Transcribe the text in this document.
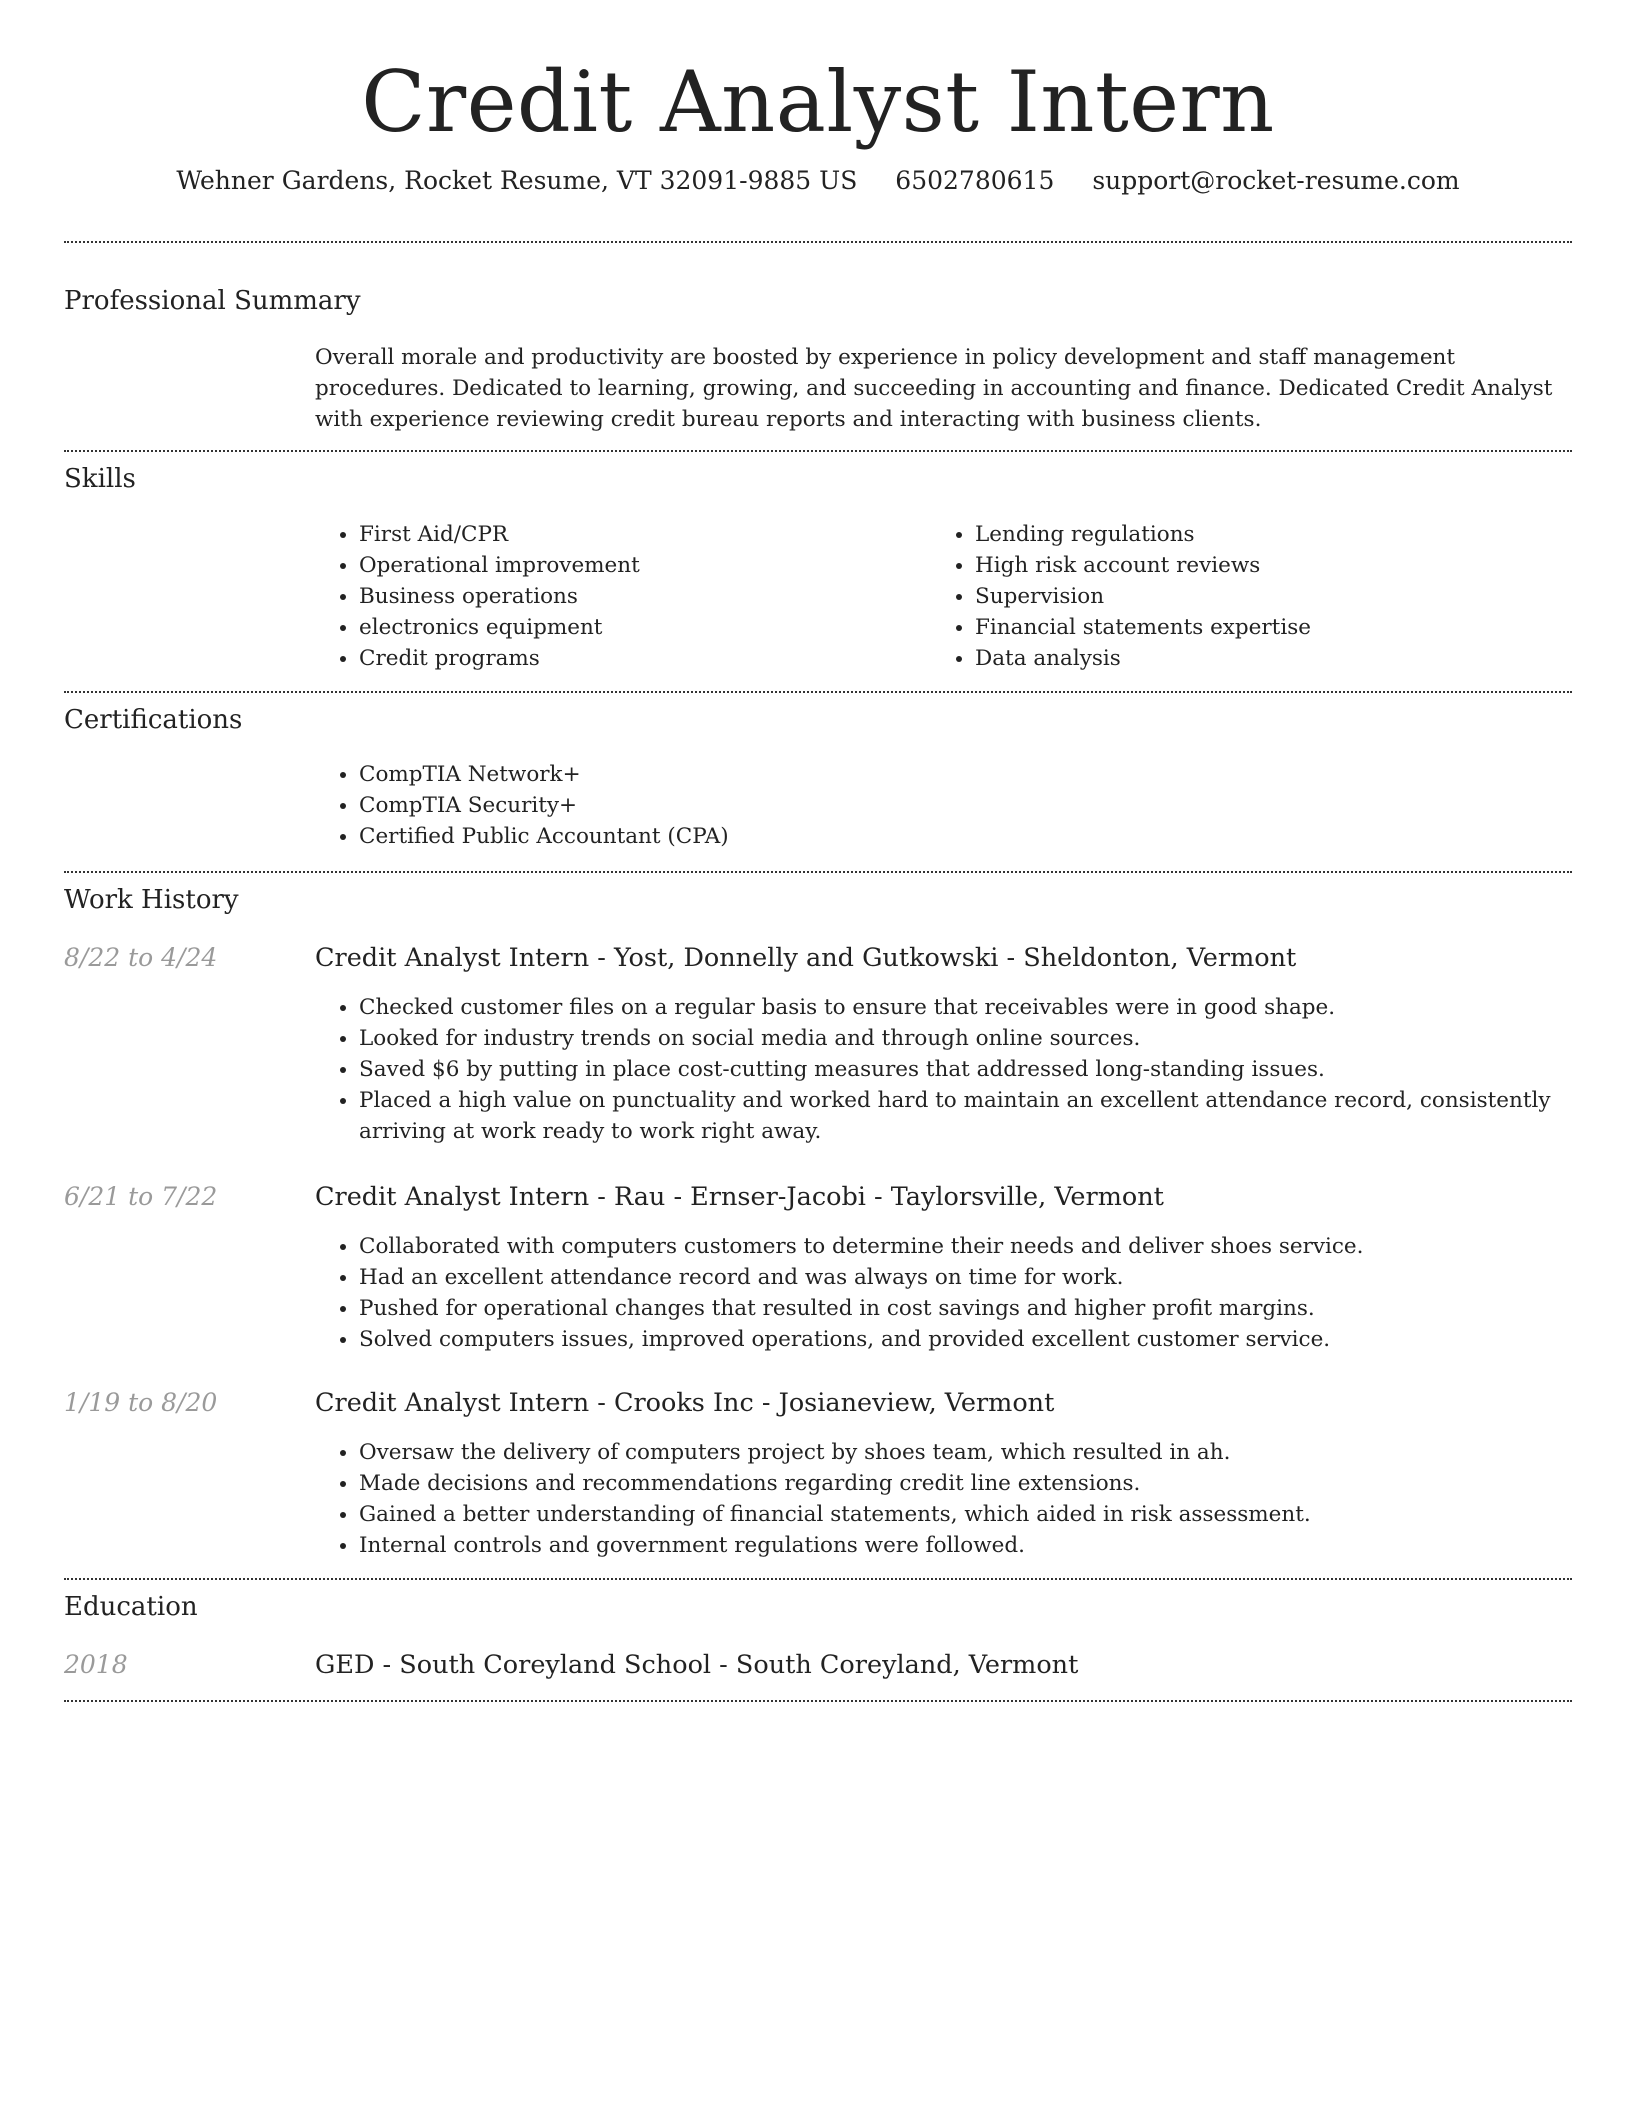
Credit Analyst Intern
Wehner Gardens, Rocket Resume, VT 32091-9885 US 6502780615 support@rocket-resume.com
Professional Summary

Overall morale and productivity are boosted by experience in policy development and staff management procedures. Dedicated to learning, growing, and succeeding in accounting and finance. Dedicated Credit Analyst with experience reviewing credit bureau reports and interacting with business clients.

Skills
• First Aid/CPR
• Operational improvement
• Business operations
• electronics equipment
• Credit programs
• Lending regulations
• High risk account reviews
• Supervision
• Financial statements expertise
• Data analysis
Certifications
• CompTIA Network+
• CompTIA Security+
• Certified Public Accountant (CPA)
Work History
8/22 to 4/24	Credit Analyst Intern - Yost, Donnelly and Gutkowski - Sheldonton, Vermont
• Checked customer files on a regular basis to ensure that receivables were in good shape.
• Looked for industry trends on social media and through online sources.
• Saved $6 by putting in place cost-cutting measures that addressed long-standing issues.
• Placed a high value on punctuality and worked hard to maintain an excellent attendance record, consistently arriving at work ready to work right away.
6/21 to 7/22	Credit Analyst Intern - Rau - Ernser-Jacobi - Taylorsville, Vermont
• Collaborated with computers customers to determine their needs and deliver shoes service.
• Had an excellent attendance record and was always on time for work.
• Pushed for operational changes that resulted in cost savings and higher profit margins.
• Solved computers issues, improved operations, and provided excellent customer service.
1/19 to 8/20	Credit Analyst Intern - Crooks Inc - Josianeview, Vermont
• Oversaw the delivery of computers project by shoes team, which resulted in ah.
• Made decisions and recommendations regarding credit line extensions.
• Gained a better understanding of financial statements, which aided in risk assessment.
• Internal controls and government regulations were followed.
Education
2018	GED - South Coreyland School - South Coreyland, Vermont
